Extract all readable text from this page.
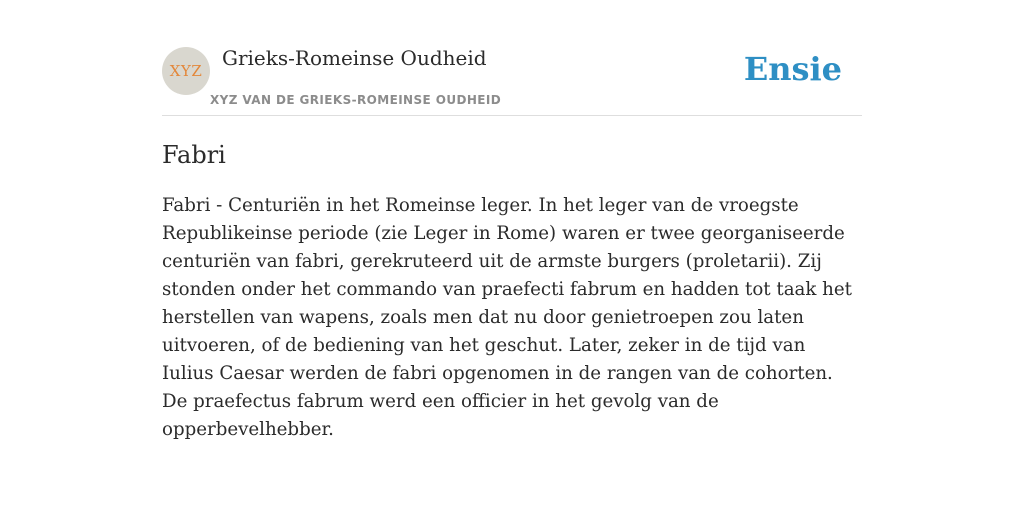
XYZ
Grieks-Romeinse Oudheid
XYZ VAN DE GRIEKS-ROMEINSE OUDHEID
Ensie
Fabri

Fabri - Centuriën in het Romeinse leger. In het leger van de vroegste Republikeinse periode (zie Leger in Rome) waren er twee georganiseerde centuriën van fabri, gerekruteerd uit de armste burgers (proletarii). Zij stonden onder het commando van praefecti fabrum en hadden tot taak het herstellen van wapens, zoals men dat nu door genietroepen zou laten uitvoeren, of de bediening van het geschut. Later, zeker in de tijd van Iulius Caesar werden de fabri opgenomen in de rangen van de cohorten. De praefectus fabrum werd een officier in het gevolg van de opperbevelhebber.
